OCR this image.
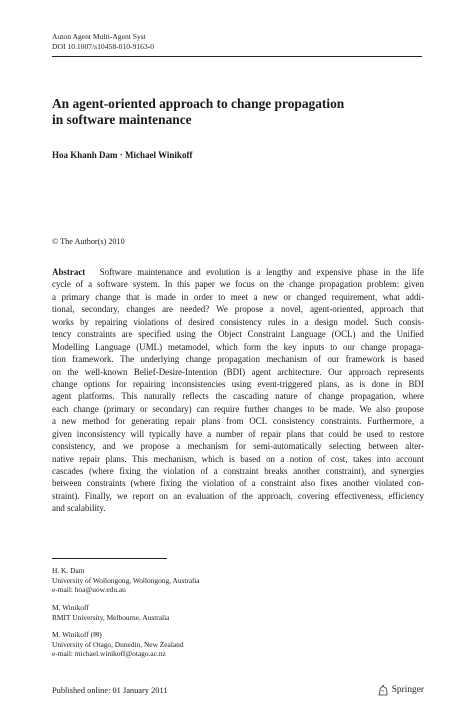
Auton Agent Multi-Agent Syst
DOI 10.1007/s10458-010-9163-0
An agent-oriented approach to change propagation
in software maintenance
Hoa Khanh Dam · Michael Winikoff
© The Author(s) 2010
Abstract Software maintenance and evolution is a lengthy and expensive phase in the life
cycle of a software system. In this paper we focus on the change propagation problem: given
a primary change that is made in order to meet a new or changed requirement, what addi-
tional, secondary, changes are needed? We propose a novel, agent-oriented, approach that
works by repairing violations of desired consistency rules in a design model. Such consis-
tency constraints are specified using the Object Constraint Language (OCL) and the Unified
Modelling Language (UML) metamodel, which form the key inputs to our change propaga-
tion framework. The underlying change propagation mechanism of our framework is based
on the well-known Belief-Desire-Intention (BDI) agent architecture. Our approach represents
change options for repairing inconsistencies using event-triggered plans, as is done in BDI
agent platforms. This naturally reflects the cascading nature of change propagation, where
each change (primary or secondary) can require further changes to be made. We also propose
a new method for generating repair plans from OCL consistency constraints. Furthermore, a
given inconsistency will typically have a number of repair plans that could be used to restore
consistency, and we propose a mechanism for semi-automatically selecting between alter-
native repair plans. This mechanism, which is based on a notion of cost, takes into account
cascades (where fixing the violation of a constraint breaks another constraint), and synergies
between constraints (where fixing the violation of a constraint also fixes another violated con-
straint). Finally, we report on an evaluation of the approach, covering effectiveness, efficiency
and scalability.
H. K. Dam
University of Wollongong, Wollongong, Australia
e-mail: hoa@uow.edu.au
M. Winikoff
RMIT University, Melbourne, Australia
M. Winikoff (✉)
University of Otago, Dunedin, New Zealand
e-mail: michael.winikoff@otago.ac.nz
Published online: 01 January 2011	Springer
